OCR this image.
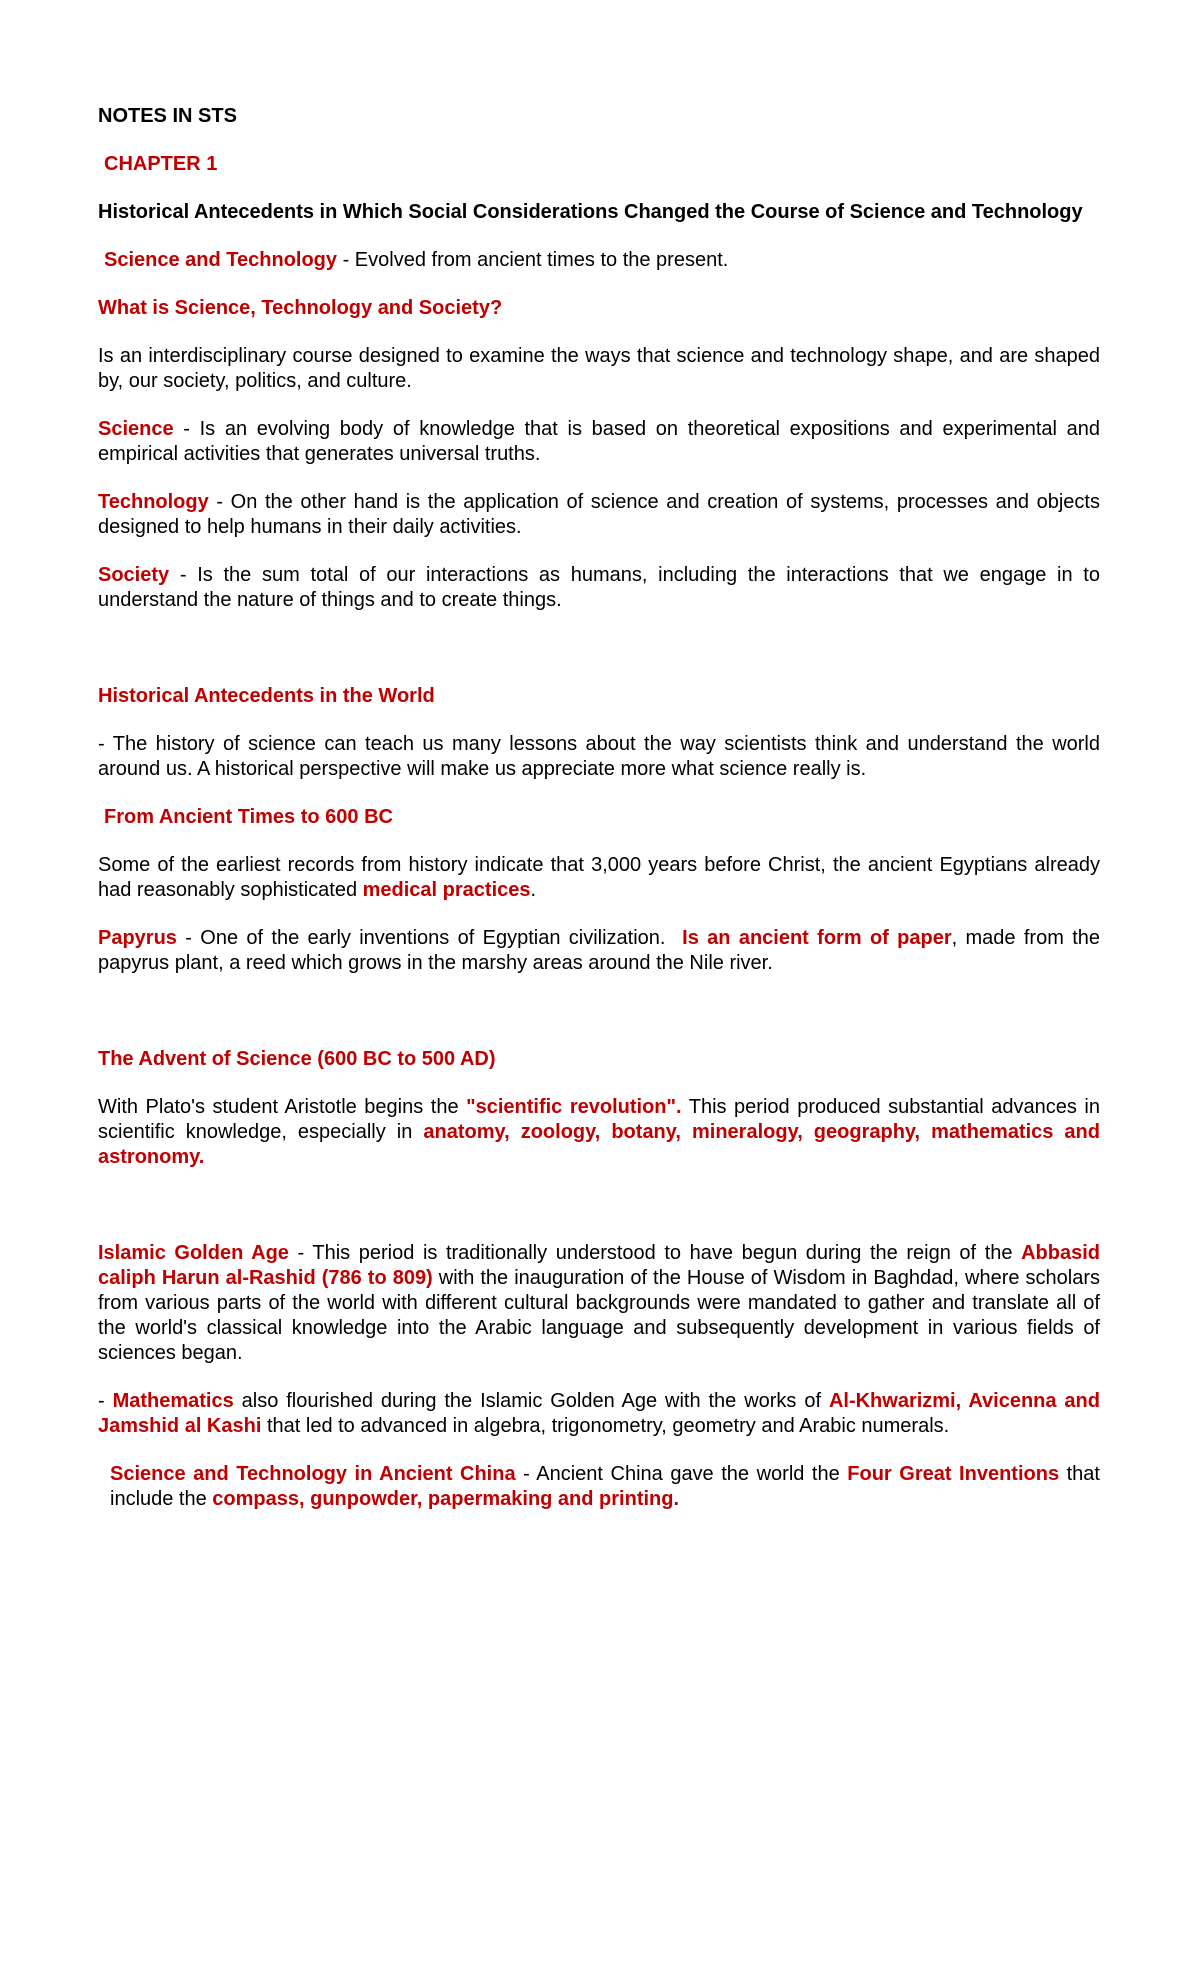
NOTES IN STS

CHAPTER 1

Historical Antecedents in Which Social Considerations Changed the Course of Science and Technology

Science and Technology - Evolved from ancient times to the present.

What is Science, Technology and Society?

Is an interdisciplinary course designed to examine the ways that science and technology shape, and are shaped by, our society, politics, and culture.

Science - Is an evolving body of knowledge that is based on theoretical expositions and experimental and empirical activities that generates universal truths.

Technology - On the other hand is the application of science and creation of systems, processes and objects designed to help humans in their daily activities.

Society - Is the sum total of our interactions as humans, including the interactions that we engage in to understand the nature of things and to create things.

Historical Antecedents in the World

- The history of science can teach us many lessons about the way scientists think and understand the world around us. A historical perspective will make us appreciate more what science really is.

From Ancient Times to 600 BC

Some of the earliest records from history indicate that 3,000 years before Christ, the ancient Egyptians already had reasonably sophisticated medical practices.

Papyrus - One of the early inventions of Egyptian civilization.  Is an ancient form of paper, made from the papyrus plant, a reed which grows in the marshy areas around the Nile river.

The Advent of Science (600 BC to 500 AD)

With Plato's student Aristotle begins the "scientific revolution". This period produced substantial advances in scientific knowledge, especially in anatomy, zoology, botany, mineralogy, geography, mathematics and astronomy.

Islamic Golden Age - This period is traditionally understood to have begun during the reign of the Abbasid caliph Harun al-Rashid (786 to 809) with the inauguration of the House of Wisdom in Baghdad, where scholars from various parts of the world with different cultural backgrounds were mandated to gather and translate all of the world's classical knowledge into the Arabic language and subsequently development in various fields of sciences began.

- Mathematics also flourished during the Islamic Golden Age with the works of Al-Khwarizmi, Avicenna and Jamshid al Kashi that led to advanced in algebra, trigonometry, geometry and Arabic numerals.

Science and Technology in Ancient China - Ancient China gave the world the Four Great Inventions that include the compass, gunpowder, papermaking and printing.
